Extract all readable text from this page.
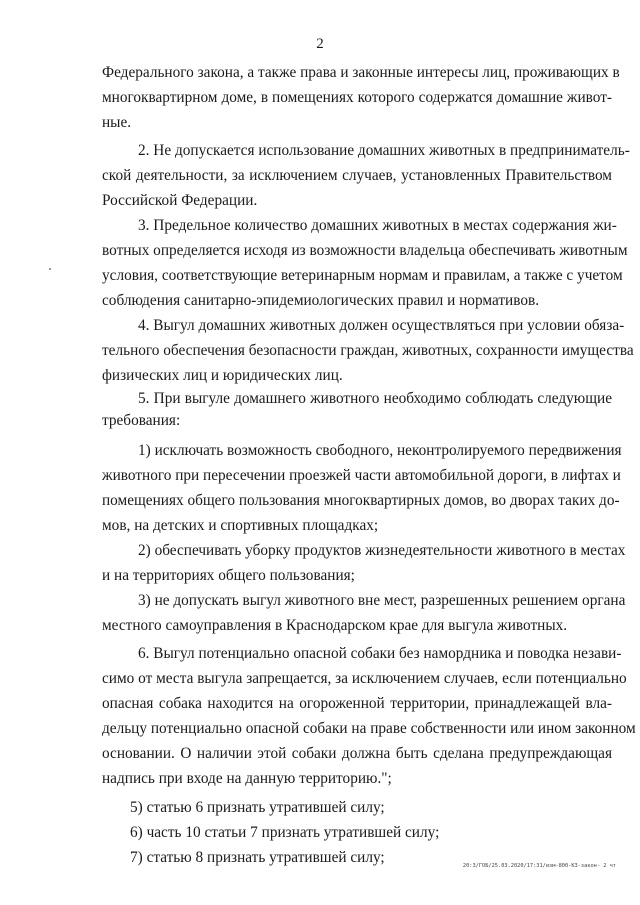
2
Федерального закона, а также права и законные интересы лиц, проживающих в
многоквартирном доме, в помещениях которого содержатся домашние живот-
ные.
2. Не допускается использование домашних животных в предприниматель-
ской деятельности, за исключением случаев, установленных Правительством
Российской Федерации.
3. Предельное количество домашних животных в местах содержания жи-
вотных определяется исходя из возможности владельца обеспечивать животным
условия, соответствующие ветеринарным нормам и правилам, а также с учетом
соблюдения санитарно-эпидемиологических правил и нормативов.
4. Выгул домашних животных должен осуществляться при условии обяза-
тельного обеспечения безопасности граждан, животных, сохранности имущества
физических лиц и юридических лиц.
5. При выгуле домашнего животного необходимо соблюдать следующие
требования:
1) исключать возможность свободного, неконтролируемого передвижения
животного при пересечении проезжей части автомобильной дороги, в лифтах и
помещениях общего пользования многоквартирных домов, во дворах таких до-
мов, на детских и спортивных площадках;
2) обеспечивать уборку продуктов жизнедеятельности животного в местах
и на территориях общего пользования;
3) не допускать выгул животного вне мест, разрешенных решением органа
местного самоуправления в Краснодарском крае для выгула животных.
6. Выгул потенциально опасной собаки без намордника и поводка незави-
симо от места выгула запрещается, за исключением случаев, если потенциально
опасная собака находится на огороженной территории, принадлежащей вла-
дельцу потенциально опасной собаки на праве собственности или ином законном
основании. О наличии этой собаки должна быть сделана предупреждающая
надпись при входе на данную территорию.";
5) статью 6 признать утратившей силу;
6) часть 10 статьи 7 признать утратившей силу;
7) статью 8 признать утратившей силу;	20:3/ГОБ/25.03.2020/17:31/изм-800-КЗ-закон- 2 чт
